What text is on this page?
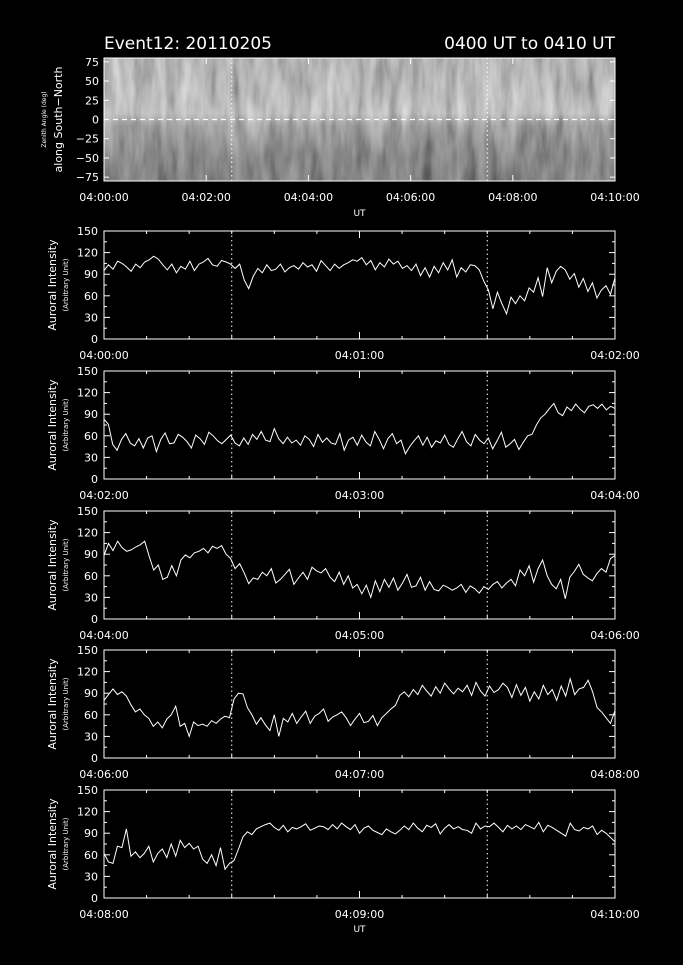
Event12: 20110205	0400 UT to 0410 UT
75
50
25
0
−25
−50
−75
04:00:00	04:02:00	04:04:00	04:06:00	04:08:00	04:10:00
UT
Zenith Angle (deg) along South−North
0
30
60
90
120
150
04:00:00	04:01:00	04:02:00
Auroral Intensity (Arbitrary Unit)
0
30
60
90
120
150
04:02:00	04:03:00	04:04:00
Auroral Intensity (Arbitrary Unit)
0
30
60
90
120
150
04:04:00	04:05:00	04:06:00
Auroral Intensity (Arbitrary Unit)
0
30
60
90
120
150
04:06:00	04:07:00	04:08:00
Auroral Intensity (Arbitrary Unit)
0
30
60
90
120
150
04:08:00	04:09:00	04:10:00
Auroral Intensity (Arbitrary Unit)
UT
